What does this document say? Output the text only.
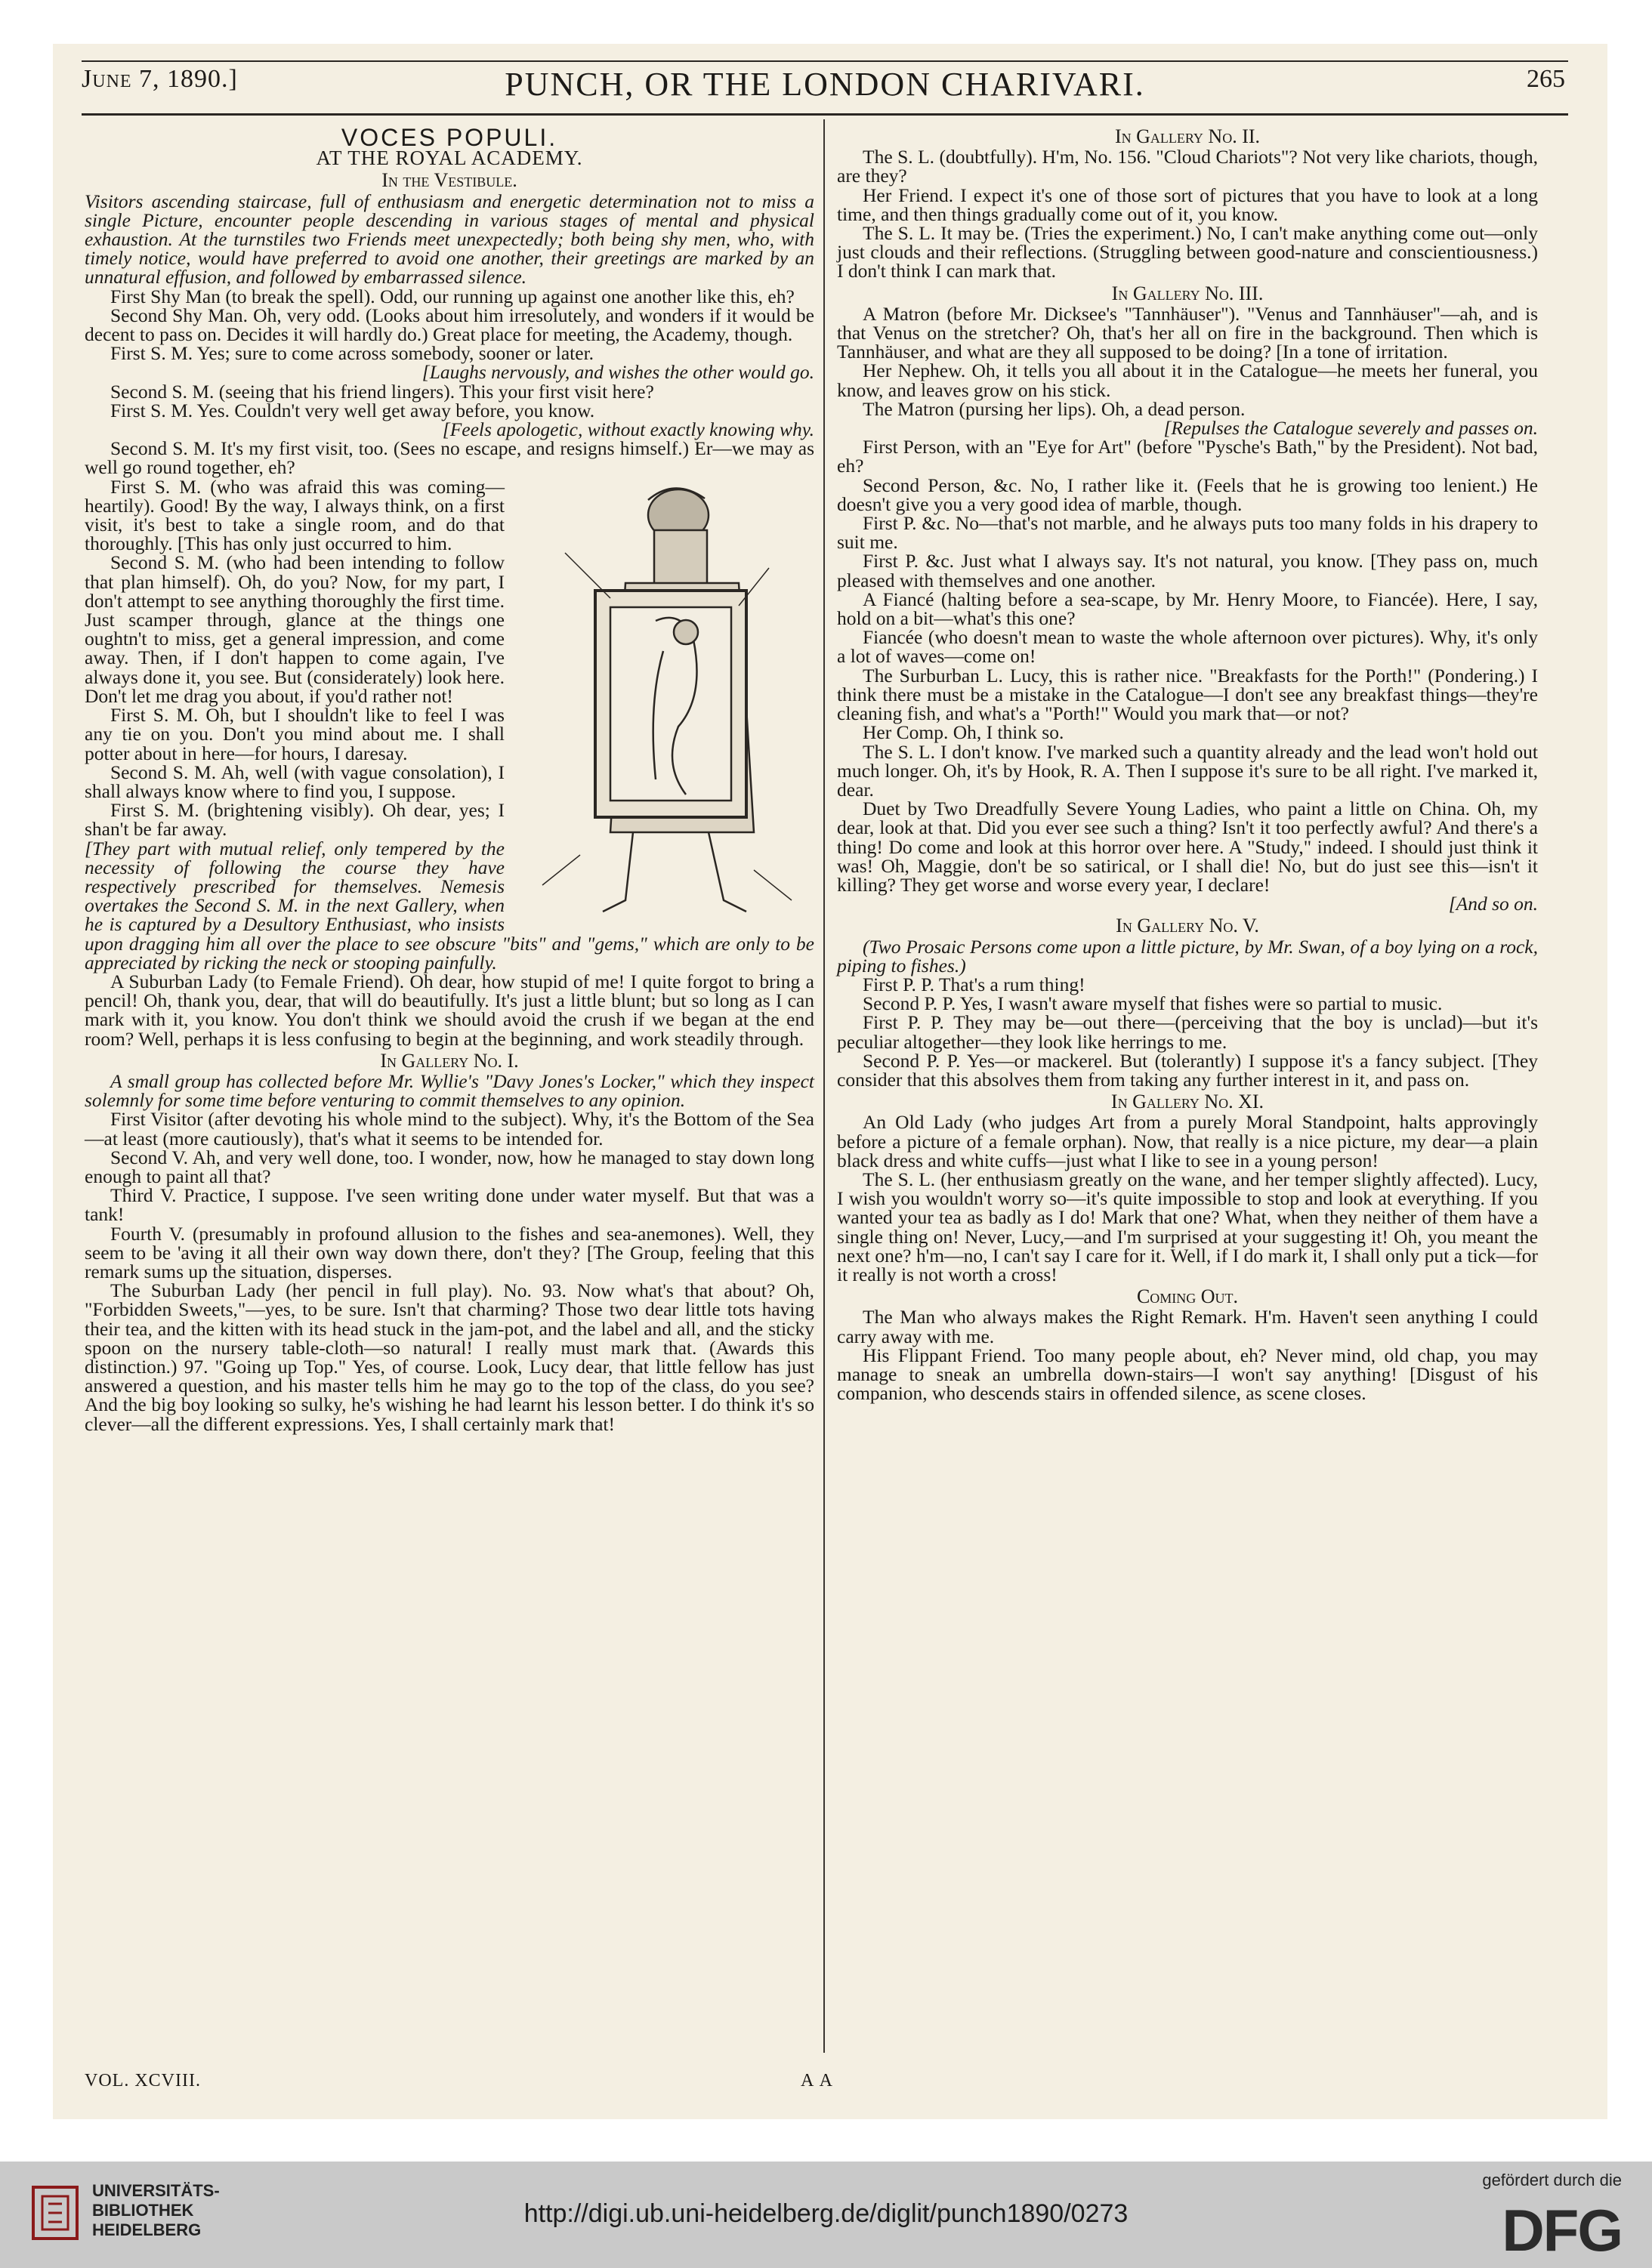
June 7, 1890.]	PUNCH, OR THE LONDON CHARIVARI.	265
VOCES POPULI.
AT THE ROYAL ACADEMY.
In the Vestibule.

Visitors ascending staircase, full of enthusiasm and energetic determination not to miss a single Picture, encounter people descending in various stages of mental and physical exhaustion. At the turnstiles two Friends meet unexpectedly; both being shy men, who, with timely notice, would have preferred to avoid one another, their greetings are marked by an unnatural effusion, and followed by embarrassed silence.

First Shy Man (to break the spell). Odd, our running up against one another like this, eh?

Second Shy Man. Oh, very odd. (Looks about him irresolutely, and wonders if it would be decent to pass on. Decides it will hardly do.) Great place for meeting, the Academy, though.

First S. M. Yes; sure to come across somebody, sooner or later.

[Laughs nervously, and wishes the other would go.

Second S. M. (seeing that his friend lingers). This your first visit here?

First S. M. Yes. Couldn't very well get away before, you know.

[Feels apologetic, without exactly knowing why.

Second S. M. It's my first visit, too. (Sees no escape, and resigns himself.) Er—we may as well go round together, eh?

First S. M. (who was afraid this was coming—heartily). Good! By the way, I always think, on a first visit, it's best to take a single room, and do that thoroughly. [This has only just occurred to him.

Second S. M. (who had been intending to follow that plan himself). Oh, do you? Now, for my part, I don't attempt to see anything thoroughly the first time. Just scamper through, glance at the things one oughtn't to miss, get a general impression, and come away. Then, if I don't happen to come again, I've always done it, you see. But (considerately) look here. Don't let me drag you about, if you'd rather not!

First S. M. Oh, but I shouldn't like to feel I was any tie on you. Don't you mind about me. I shall potter about in here—for hours, I daresay.

Second S. M. Ah, well (with vague consolation), I shall always know where to find you, I suppose.

First S. M. (brightening visibly). Oh dear, yes; I shan't be far away.

[They part with mutual relief, only tempered by the necessity of following the course they have respectively prescribed for themselves. Nemesis overtakes the Second S. M. in the next Gallery, when he is captured by a Desultory Enthusiast, who insists upon dragging him all over the place to see obscure "bits" and "gems," which are only to be appreciated by ricking the neck or stooping painfully.

A Suburban Lady (to Female Friend). Oh dear, how stupid of me! I quite forgot to bring a pencil! Oh, thank you, dear, that will do beautifully. It's just a little blunt; but so long as I can mark with it, you know. You don't think we should avoid the crush if we began at the end room? Well, perhaps it is less confusing to begin at the beginning, and work steadily through.

In Gallery No. I.

A small group has collected before Mr. Wyllie's "Davy Jones's Locker," which they inspect solemnly for some time before venturing to commit themselves to any opinion.

First Visitor (after devoting his whole mind to the subject). Why, it's the Bottom of the Sea—at least (more cautiously), that's what it seems to be intended for.

Second V. Ah, and very well done, too. I wonder, now, how he managed to stay down long enough to paint all that?

Third V. Practice, I suppose. I've seen writing done under water myself. But that was a tank!

Fourth V. (presumably in profound allusion to the fishes and sea-anemones). Well, they seem to be 'aving it all their own way down there, don't they? [The Group, feeling that this remark sums up the situation, disperses.

The Suburban Lady (her pencil in full play). No. 93. Now what's that about? Oh, "Forbidden Sweets,"—yes, to be sure. Isn't that charming? Those two dear little tots having their tea, and the kitten with its head stuck in the jam-pot, and the label and all, and the sticky spoon on the nursery table-cloth—so natural! I really must mark that. (Awards this distinction.) 97. "Going up Top." Yes, of course. Look, Lucy dear, that little fellow has just answered a question, and his master tells him he may go to the top of the class, do you see? And the big boy looking so sulky, he's wishing he had learnt his lesson better. I do think it's so clever—all the different expressions. Yes, I shall certainly mark that!

In Gallery No. II.

The S. L. (doubtfully). H'm, No. 156. "Cloud Chariots"? Not very like chariots, though, are they?

Her Friend. I expect it's one of those sort of pictures that you have to look at a long time, and then things gradually come out of it, you know.

The S. L. It may be. (Tries the experiment.) No, I can't make anything come out—only just clouds and their reflections. (Struggling between good-nature and conscientiousness.) I don't think I can mark that.

In Gallery No. III.

A Matron (before Mr. Dicksee's "Tannhäuser"). "Venus and Tannhäuser"—ah, and is that Venus on the stretcher? Oh, that's her all on fire in the background. Then which is Tannhäuser, and what are they all supposed to be doing? [In a tone of irritation.

Her Nephew. Oh, it tells you all about it in the Catalogue—he meets her funeral, you know, and leaves grow on his stick.

The Matron (pursing her lips). Oh, a dead person.

[Repulses the Catalogue severely and passes on.

First Person, with an "Eye for Art" (before "Pysche's Bath," by the President). Not bad, eh?

Second Person, &c. No, I rather like it. (Feels that he is growing too lenient.) He doesn't give you a very good idea of marble, though.

First P. &c. No—that's not marble, and he always puts too many folds in his drapery to suit me.

First P. &c. Just what I always say. It's not natural, you know. [They pass on, much pleased with themselves and one another.

A Fiancé (halting before a sea-scape, by Mr. Henry Moore, to Fiancée). Here, I say, hold on a bit—what's this one?

Fiancée (who doesn't mean to waste the whole afternoon over pictures). Why, it's only a lot of waves—come on!

The Surburban L. Lucy, this is rather nice. "Breakfasts for the Porth!" (Pondering.) I think there must be a mistake in the Catalogue—I don't see any breakfast things—they're cleaning fish, and what's a "Porth!" Would you mark that—or not?

Her Comp. Oh, I think so.

The S. L. I don't know. I've marked such a quantity already and the lead won't hold out much longer. Oh, it's by Hook, R. A. Then I suppose it's sure to be all right. I've marked it, dear.

Duet by Two Dreadfully Severe Young Ladies, who paint a little on China. Oh, my dear, look at that. Did you ever see such a thing? Isn't it too perfectly awful? And there's a thing! Do come and look at this horror over here. A "Study," indeed. I should just think it was! Oh, Maggie, don't be so satirical, or I shall die! No, but do just see this—isn't it killing? They get worse and worse every year, I declare!

[And so on.

In Gallery No. V.

(Two Prosaic Persons come upon a little picture, by Mr. Swan, of a boy lying on a rock, piping to fishes.)

First P. P. That's a rum thing!

Second P. P. Yes, I wasn't aware myself that fishes were so partial to music.

First P. P. They may be—out there—(perceiving that the boy is unclad)—but it's peculiar altogether—they look like herrings to me.

Second P. P. Yes—or mackerel. But (tolerantly) I suppose it's a fancy subject. [They consider that this absolves them from taking any further interest in it, and pass on.

In Gallery No. XI.

An Old Lady (who judges Art from a purely Moral Standpoint, halts approvingly before a picture of a female orphan). Now, that really is a nice picture, my dear—a plain black dress and white cuffs—just what I like to see in a young person!

The S. L. (her enthusiasm greatly on the wane, and her temper slightly affected). Lucy, I wish you wouldn't worry so—it's quite impossible to stop and look at everything. If you wanted your tea as badly as I do! Mark that one? What, when they neither of them have a single thing on! Never, Lucy,—and I'm surprised at your suggesting it! Oh, you meant the next one? h'm—no, I can't say I care for it. Well, if I do mark it, I shall only put a tick—for it really is not worth a cross!

Coming Out.

The Man who always makes the Right Remark. H'm. Haven't seen anything I could carry away with me.

His Flippant Friend. Too many people about, eh? Never mind, old chap, you may manage to sneak an umbrella down-stairs—I won't say anything! [Disgust of his companion, who descends stairs in offended silence, as scene closes.

VOL. XCVIII.	A A
UNIVERSITÄTS-
BIBLIOTHEK
HEIDELBERG
http://digi.ub.uni-heidelberg.de/diglit/punch1890/0273
gefördert durch die
DFG
